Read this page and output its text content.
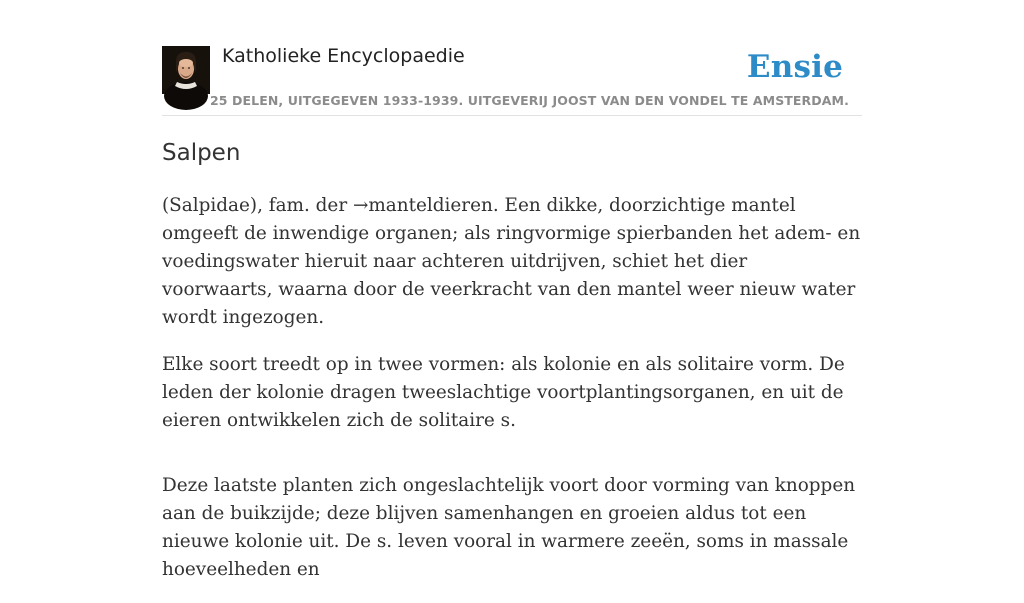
Katholieke Encyclopaedie	Ensie
25 DELEN, UITGEGEVEN 1933-1939. UITGEVERIJ JOOST VAN DEN VONDEL TE AMSTERDAM.
Salpen

(Salpidae), fam. der →manteldieren. Een dikke, doorzichtige mantel omgeeft de inwendige organen; als ringvormige spierbanden het adem- en voedingswater hieruit naar achteren uitdrijven, schiet het dier voorwaarts, waarna door de veerkracht van den mantel weer nieuw water wordt ingezogen.

Elke soort treedt op in twee vormen: als kolonie en als solitaire vorm. De leden der kolonie dragen tweeslachtige voortplantingsorganen, en uit de eieren ontwikkelen zich de solitaire s.

Deze laatste planten zich ongeslachtelijk voort door vorming van knoppen aan de buikzijde; deze blijven samenhangen en groeien aldus tot een nieuwe kolonie uit. De s. leven vooral in warmere zeeën, soms in massale hoeveelheden en
